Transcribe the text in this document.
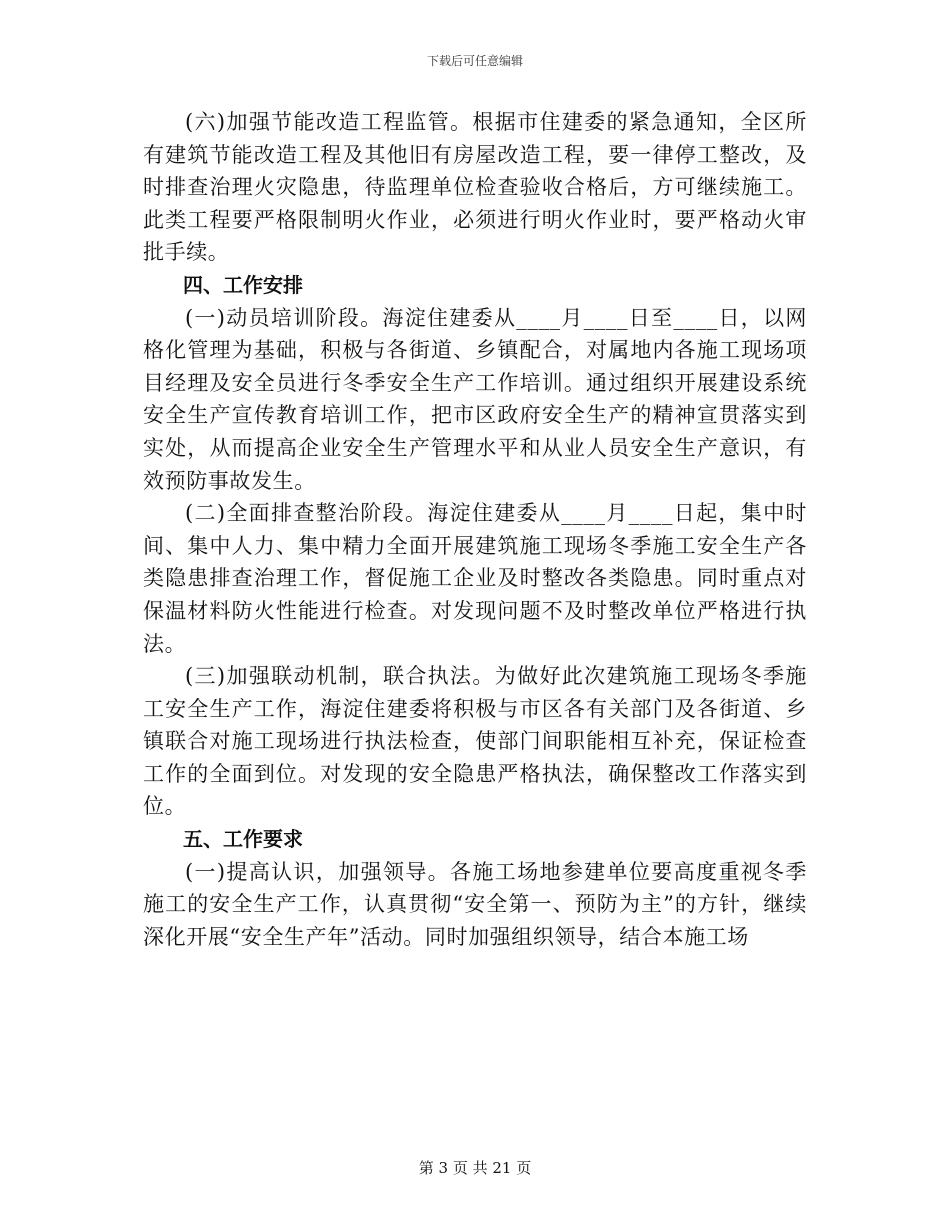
下载后可任意编辑

(六)加强节能改造工程监管。根据市住建委的紧急通知，全区所有建筑节能改造工程及其他旧有房屋改造工程，要一律停工整改，及时排查治理火灾隐患，待监理单位检查验收合格后，方可继续施工。此类工程要严格限制明火作业，必须进行明火作业时，要严格动火审批手续。

四、工作安排

(一)动员培训阶段。海淀住建委从____月____日至____日，以网格化管理为基础，积极与各街道、乡镇配合，对属地内各施工现场项目经理及安全员进行冬季安全生产工作培训。通过组织开展建设系统安全生产宣传教育培训工作，把市区政府安全生产的精神宣贯落实到实处，从而提高企业安全生产管理水平和从业人员安全生产意识，有效预防事故发生。

(二)全面排查整治阶段。海淀住建委从____月____日起，集中时间、集中人力、集中精力全面开展建筑施工现场冬季施工安全生产各类隐患排查治理工作，督促施工企业及时整改各类隐患。同时重点对保温材料防火性能进行检查。对发现问题不及时整改单位严格进行执法。

(三)加强联动机制，联合执法。为做好此次建筑施工现场冬季施工安全生产工作，海淀住建委将积极与市区各有关部门及各街道、乡镇联合对施工现场进行执法检查，使部门间职能相互补充，保证检查工作的全面到位。对发现的安全隐患严格执法，确保整改工作落实到位。

五、工作要求

(一)提高认识，加强领导。各施工场地参建单位要高度重视冬季施工的安全生产工作，认真贯彻“安全第一、预防为主”的方针，继续深化开展“安全生产年”活动。同时加强组织领导，结合本施工场

第 3 页 共 21 页
